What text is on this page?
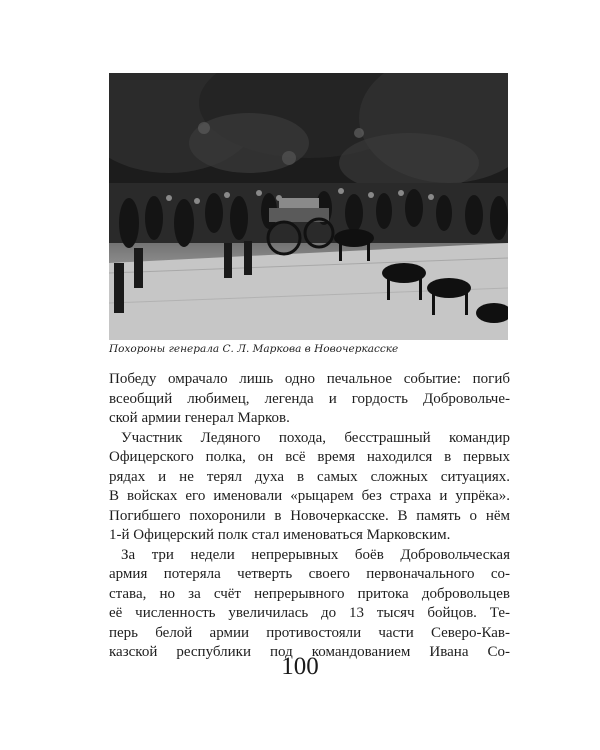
Похороны генерала С. Л. Маркова в Новочеркасске

Победу омрачало лишь одно печальное событие: погиб
всеобщий любимец, легенда и гордость Добровольче-
ской армии генерал Марков.

Участник Ледяного похода, бесстрашный командир
Офицерского полка, он всё время находился в первых
рядах и не терял духа в самых сложных ситуациях.
В войсках его именовали «рыцарем без страха и упрёка».
Погибшего похоронили в Новочеркасске. В память о нём
1-й Офицерский полк стал именоваться Марковским.

За три недели непрерывных боёв Добровольческая
армия потеряла четверть своего первоначального со-
става, но за счёт непрерывного притока добровольцев
её численность увеличилась до 13 тысяч бойцов. Те-
перь белой армии противостояли части Северо-Кав-
казской республики под командованием Ивана Со-

100
